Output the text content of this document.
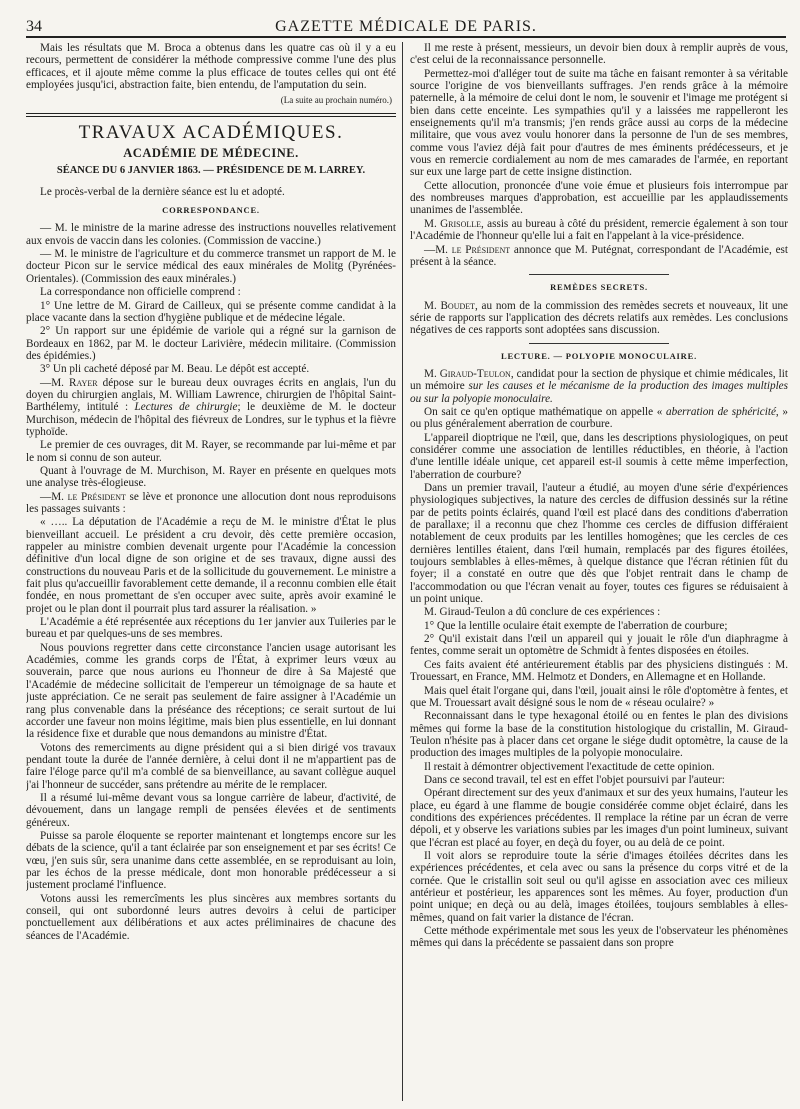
34	GAZETTE MÉDICALE DE PARIS.

Mais les résultats que M. Broca a obtenus dans les quatre cas où il y a eu recours, permettent de considérer la méthode compressive comme l'une des plus efficaces, et il ajoute même comme la plus efficace de toutes celles qui ont été employées jusqu'ici, abstraction faite, bien entendu, de l'amputation du sein.

(La suite au prochain numéro.)
TRAVAUX ACADÉMIQUES.
ACADÉMIE DE MÉDECINE.
SÉANCE DU 6 JANVIER 1863. — PRÉSIDENCE DE M. LARREY.

Le procès-verbal de la dernière séance est lu et adopté.

CORRESPONDANCE.

— M. le ministre de la marine adresse des instructions nouvelles relativement aux envois de vaccin dans les colonies. (Commission de vaccine.)

— M. le ministre de l'agriculture et du commerce transmet un rapport de M. le docteur Picon sur le service médical des eaux minérales de Molitg (Pyrénées-Orientales). (Commission des eaux minérales.)

La correspondance non officielle comprend :

1° Une lettre de M. Girard de Cailleux, qui se présente comme candidat à la place vacante dans la section d'hygiène publique et de médecine légale.

2° Un rapport sur une épidémie de variole qui a régné sur la garnison de Bordeaux en 1862, par M. le docteur Larivière, médecin militaire. (Commission des épidémies.)

3° Un pli cacheté déposé par M. Beau. Le dépôt est accepté.

—M. Rayer dépose sur le bureau deux ouvrages écrits en anglais, l'un du doyen du chirurgien anglais, M. William Lawrence, chirurgien de l'hôpital Saint-Barthélemy, intitulé : Lectures de chirurgie; le deuxième de M. le docteur Murchison, médecin de l'hôpital des fiévreux de Londres, sur le typhus et la fièvre typhoïde.

Le premier de ces ouvrages, dit M. Rayer, se recommande par lui-même et par le nom si connu de son auteur.

Quant à l'ouvrage de M. Murchison, M. Rayer en présente en quelques mots une analyse très-élogieuse.

—M. le Président se lève et prononce une allocution dont nous reproduisons les passages suivants :

« ….. La députation de l'Académie a reçu de M. le ministre d'État le plus bienveillant accueil. Le président a cru devoir, dès cette première occasion, rappeler au ministre combien devenait urgente pour l'Académie la concession définitive d'un local digne de son origine et de ses travaux, digne aussi des constructions du nouveau Paris et de la sollicitude du gouvernement. Le ministre a fait plus qu'accueillir favorablement cette demande, il a reconnu combien elle était fondée, en nous promettant de s'en occuper avec suite, après avoir examiné le projet ou le plan dont il pourrait plus tard assurer la réalisation. »

L'Académie a été représentée aux réceptions du 1er janvier aux Tuileries par le bureau et par quelques-uns de ses membres.

Nous pouvions regretter dans cette circonstance l'ancien usage autorisant les Académies, comme les grands corps de l'État, à exprimer leurs vœux au souverain, parce que nous aurions eu l'honneur de dire à Sa Majesté que l'Académie de médecine sollicitait de l'empereur un témoignage de sa haute et juste appréciation. Ce ne serait pas seulement de faire assigner à l'Académie un rang plus convenable dans la préséance des réceptions; ce serait surtout de lui accorder une faveur non moins légitime, mais bien plus essentielle, en lui donnant la résidence fixe et durable que nous demandons au ministre d'État.

Votons des remerciments au digne président qui a si bien dirigé vos travaux pendant toute la durée de l'année dernière, à celui dont il ne m'appartient pas de faire l'éloge parce qu'il m'a comblé de sa bienveillance, au savant collègue auquel j'ai l'honneur de succéder, sans prétendre au mérite de le remplacer.

Il a résumé lui-même devant vous sa longue carrière de labeur, d'activité, de dévouement, dans un langage rempli de pensées élevées et de sentiments généreux.

Puisse sa parole éloquente se reporter maintenant et longtemps encore sur les débats de la science, qu'il a tant éclairée par son enseignement et par ses écrits! Ce vœu, j'en suis sûr, sera unanime dans cette assemblée, en se reproduisant au loin, par les échos de la presse médicale, dont mon honorable prédécesseur a si justement proclamé l'influence.

Votons aussi les remercîments les plus sincères aux membres sortants du conseil, qui ont subordonné leurs autres devoirs à celui de participer ponctuellement aux délibérations et aux actes préliminaires de chacune des séances de l'Académie.

Il me reste à présent, messieurs, un devoir bien doux à remplir auprès de vous, c'est celui de la reconnaissance personnelle.

Permettez-moi d'alléger tout de suite ma tâche en faisant remonter à sa véritable source l'origine de vos bienveillants suffrages. J'en rends grâce à la mémoire paternelle, à la mémoire de celui dont le nom, le souvenir et l'image me protégent si bien dans cette enceinte. Les sympathies qu'il y a laissées me rappelleront les enseignements qu'il m'a transmis; j'en rends grâce aussi au corps de la médecine militaire, que vous avez voulu honorer dans la personne de l'un de ses membres, comme vous l'aviez déjà fait pour d'autres de mes éminents prédécesseurs, et je vous en remercie cordialement au nom de mes camarades de l'armée, en reportant sur eux une large part de cette insigne distinction.

Cette allocution, prononcée d'une voie émue et plusieurs fois interrompue par des nombreuses marques d'approbation, est accueillie par les applaudissements unanimes de l'assemblée.

M. Grisolle, assis au bureau à côté du président, remercie également à son tour l'Académie de l'honneur qu'elle lui a fait en l'appelant à la vice-présidence.

—M. le Président annonce que M. Putégnat, correspondant de l'Académie, est présent à la séance.

REMÈDES SECRETS.

M. Boudet, au nom de la commission des remèdes secrets et nouveaux, lit une série de rapports sur l'application des décrets relatifs aux remèdes. Les conclusions négatives de ces rapports sont adoptées sans discussion.

LECTURE. — POLYOPIE MONOCULAIRE.

M. Giraud-Teulon, candidat pour la section de physique et chimie médicales, lit un mémoire sur les causes et le mécanisme de la production des images multiples ou sur la polyopie monoculaire.

On sait ce qu'en optique mathématique on appelle « aberration de sphéricité, » ou plus généralement aberration de courbure.

L'appareil dioptrique ne l'œil, que, dans les descriptions physiologiques, on peut considérer comme une association de lentilles réductibles, en théorie, à l'action d'une lentille idéale unique, cet appareil est-il soumis à cette même imperfection, l'aberration de courbure?

Dans un premier travail, l'auteur a étudié, au moyen d'une série d'expériences physiologiques subjectives, la nature des cercles de diffusion dessinés sur la rétine par de petits points éclairés, quand l'œil est placé dans des conditions d'aberration de parallaxe; il a reconnu que chez l'homme ces cercles de diffusion différaient notablement de ceux produits par les lentilles homogènes; que les cercles de ces dernières lentilles étaient, dans l'œil humain, remplacés par des figures étoilées, toujours semblables à elles-mêmes, à quelque distance que l'écran rétinien fût du foyer; il a constaté en outre que dès que l'objet rentrait dans le champ de l'accommodation ou que l'écran venait au foyer, toutes ces figures se réduisaient à un point unique.

M. Giraud-Teulon a dû conclure de ces expériences :

1° Que la lentille oculaire était exempte de l'aberration de courbure;

2° Qu'il existait dans l'œil un appareil qui y jouait le rôle d'un diaphragme à fentes, comme serait un optomètre de Schmidt à fentes disposées en étoiles.

Ces faits avaient été antérieurement établis par des physiciens distingués : M. Trouessart, en France, MM. Helmotz et Donders, en Allemagne et en Hollande.

Mais quel était l'organe qui, dans l'œil, jouait ainsi le rôle d'optomètre à fentes, et que M. Trouessart avait désigné sous le nom de « réseau oculaire? »

Reconnaissant dans le type hexagonal étoilé ou en fentes le plan des divisions mêmes qui forme la base de la constitution histologique du cristallin, M. Giraud-Teulon n'hésite pas à placer dans cet organe le siége dudit optomètre, la cause de la production des images multiples de la polyopie monoculaire.

Il restait à démontrer objectivement l'exactitude de cette opinion.

Dans ce second travail, tel est en effet l'objet poursuivi par l'auteur:

Opérant directement sur des yeux d'animaux et sur des yeux humains, l'auteur les place, eu égard à une flamme de bougie considérée comme objet éclairé, dans les conditions des expériences précédentes. Il remplace la rétine par un écran de verre dépoli, et y observe les variations subies par les images d'un point lumineux, suivant que l'écran est placé au foyer, en deçà du foyer, ou au delà de ce point.

Il voit alors se reproduire toute la série d'images étoilées décrites dans les expériences précédentes, et cela avec ou sans la présence du corps vitré et de la cornée. Que le cristallin soit seul ou qu'il agisse en association avec ces milieux antérieur et postérieur, les apparences sont les mêmes. Au foyer, production d'un point unique; en deçà ou au delà, images étoilées, toujours semblables à elles-mêmes, quand on fait varier la distance de l'écran.

Cette méthode expérimentale met sous les yeux de l'observateur les phénomènes mêmes qui dans la précédente se passaient dans son propre
